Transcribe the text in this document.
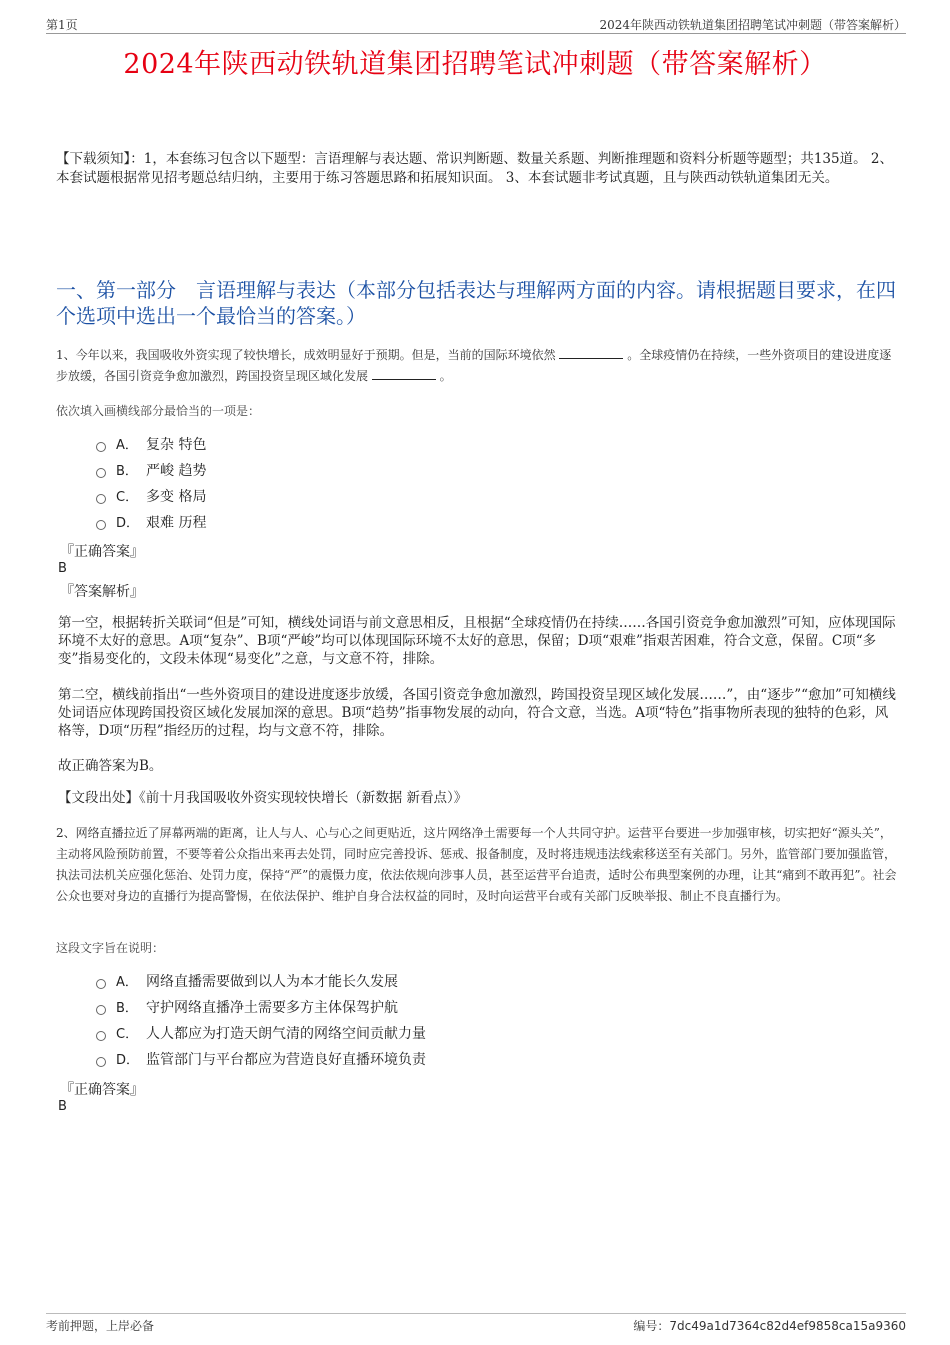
第1页	2024年陕西动铁轨道集团招聘笔试冲刺题（带答案解析）
2024年陕西动铁轨道集团招聘笔试冲刺题（带答案解析）
【下载须知】：1，本套练习包含以下题型：言语理解与表达题、常识判断题、数量关系题、判断推理题和资料分析题等题型；共135道。 2、本套试题根据常见招考题总结归纳，主要用于练习答题思路和拓展知识面。 3、本套试题非考试真题，且与陕西动铁轨道集团无关。
一、第一部分　言语理解与表达（本部分包括表达与理解两方面的内容。请根据题目要求，在四个选项中选出一个最恰当的答案。）
1、今年以来，我国吸收外资实现了较快增长，成效明显好于预期。但是，当前的国际环境依然	。全球疫情仍在持续，一些外资项目的建设进度逐步放缓，各国引资竞争愈加激烈，跨国投资呈现区域化发展	。
依次填入画横线部分最恰当的一项是：
A． 复杂 特色
B． 严峻 趋势
C． 多变 格局
D． 艰难 历程
『正确答案』
B
『答案解析』
第一空，根据转折关联词“但是”可知，横线处词语与前文意思相反，且根据“全球疫情仍在持续……各国引资竞争愈加激烈”可知，应体现国际环境不太好的意思。A项“复杂”、B项“严峻”均可以体现国际环境不太好的意思，保留；D项“艰难”指艰苦困难，符合文意，保留。C项“多变”指易变化的，文段未体现“易变化”之意，与文意不符，排除。
第二空，横线前指出“一些外资项目的建设进度逐步放缓，各国引资竞争愈加激烈，跨国投资呈现区域化发展……”，由“逐步”“愈加”可知横线处词语应体现跨国投资区域化发展加深的意思。B项“趋势”指事物发展的动向，符合文意，当选。A项“特色”指事物所表现的独特的色彩，风格等，D项“历程”指经历的过程，均与文意不符，排除。
故正确答案为B。
【文段出处】《前十月我国吸收外资实现较快增长（新数据 新看点）》
2、网络直播拉近了屏幕两端的距离，让人与人、心与心之间更贴近，这片网络净土需要每一个人共同守护。运营平台要进一步加强审核，切实把好“源头关”，主动将风险预防前置，不要等着公众指出来再去处罚，同时应完善投诉、惩戒、报备制度，及时将违规违法线索移送至有关部门。另外，监管部门要加强监管，执法司法机关应强化惩治、处罚力度，保持“严”的震慑力度，依法依规向涉事人员，甚至运营平台追责，适时公布典型案例的办理，让其“痛到不敢再犯”。社会公众也要对身边的直播行为提高警惕，在依法保护、维护自身合法权益的同时，及时向运营平台或有关部门反映举报、制止不良直播行为。
这段文字旨在说明：
A． 网络直播需要做到以人为本才能长久发展
B． 守护网络直播净土需要多方主体保驾护航
C． 人人都应为打造天朗气清的网络空间贡献力量
D． 监管部门与平台都应为营造良好直播环境负责
『正确答案』
B
考前押题，上岸必备	编号：7dc49a1d7364c82d4ef9858ca15a9360
